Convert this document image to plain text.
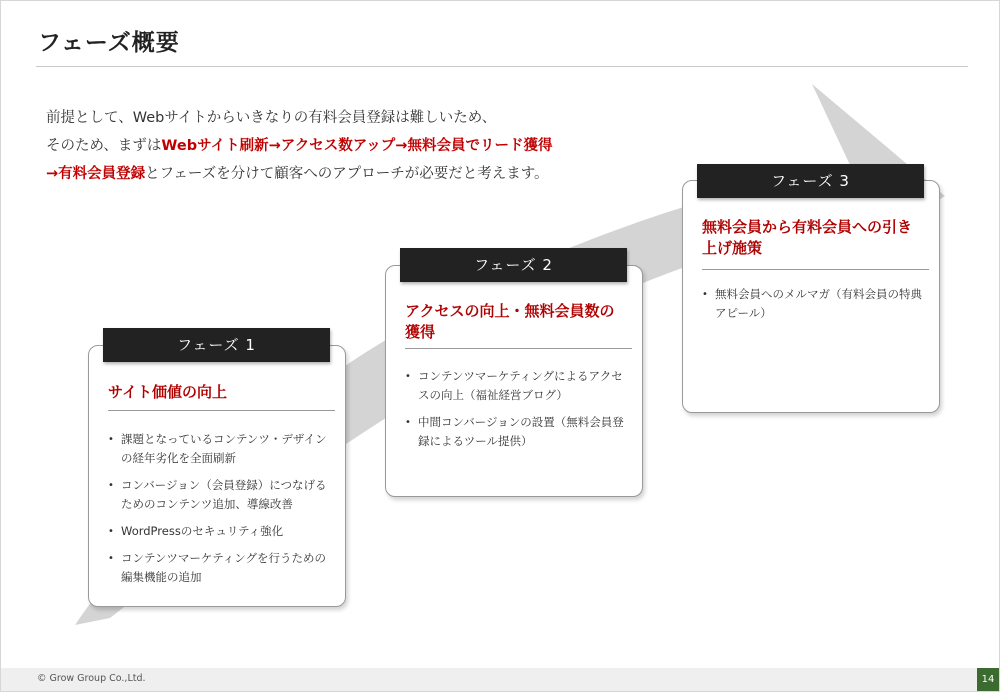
フェーズ概要
前提として、Webサイトからいきなりの有料会員登録は難しいため、
そのため、まずはWebサイト刷新→アクセス数アップ→無料会員でリード獲得
→有料会員登録とフェーズを分けて顧客へのアプローチが必要だと考えます。
サイト価値の向上
• 課題となっているコンテンツ・デザイン
の経年劣化を全面刷新
• コンバージョン（会員登録）につなげる
ためのコンテンツ追加、導線改善
• WordPressのセキュリティ強化
• コンテンツマーケティングを行うための
編集機能の追加
フェーズ 1
アクセスの向上・無料会員数の
獲得
• コンテンツマーケティングによるアクセ
スの向上（福祉経営ブログ）
• 中間コンバージョンの設置（無料会員登
録によるツール提供）
フェーズ 2
無料会員から有料会員への引き
上げ施策
• 無料会員へのメルマガ（有料会員の特典
アピール）
フェーズ 3
© Grow Group Co.,Ltd.	14
